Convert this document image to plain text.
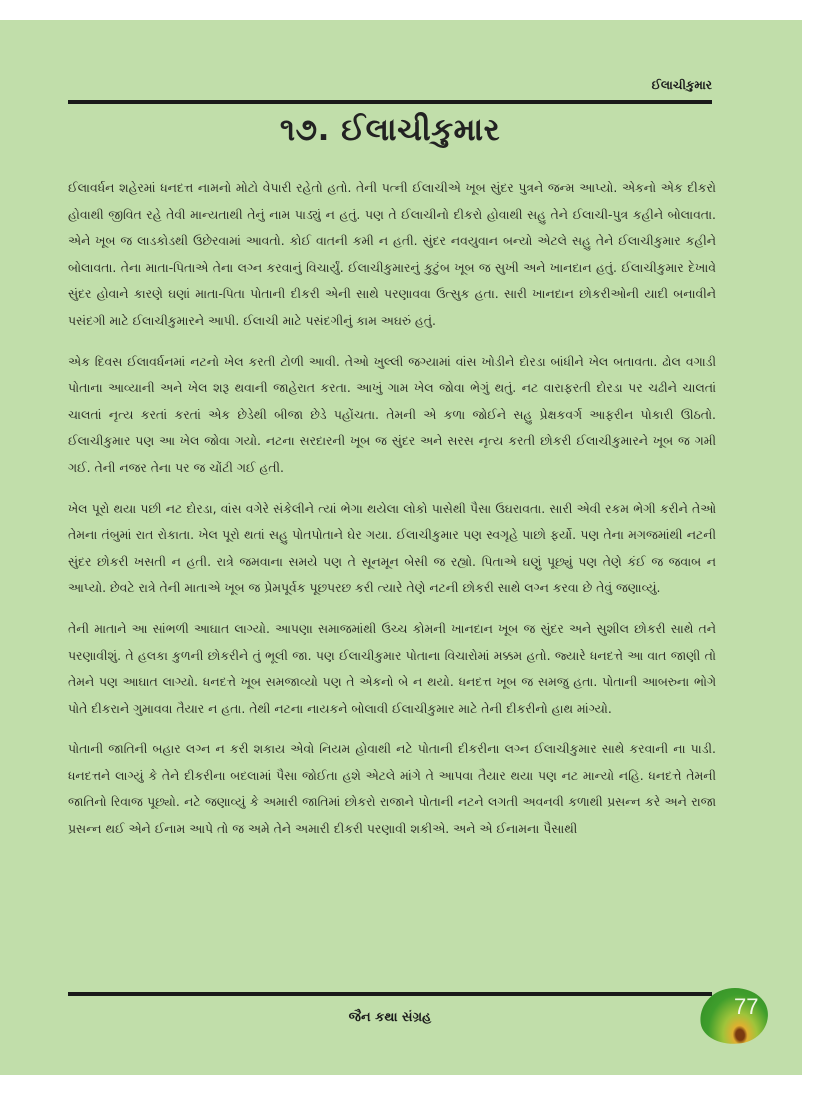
ઈલાચીકુમાર
૧૭. ઈલાચીકુમાર

ઈલાવર્ધન શહેરમાં ધનદત્ત નામનો મોટો વેપારી રહેતો હતો. તેની પત્ની ઈલાચીએ ખૂબ સુંદર પુત્રને જન્મ આપ્યો. એકનો એક દીકરો હોવાથી જીવિત રહે તેવી માન્યતાથી તેનું નામ પાડ્યું ન હતું. પણ તે ઈલાચીનો દીકરો હોવાથી સહુ તેને ઈલાચી-પુત્ર કહીને બોલાવતા. એને ખૂબ જ લાડકોડથી ઉછેરવામાં આવતો. કોઈ વાતની કમી ન હતી. સુંદર નવયુવાન બન્યો એટલે સહુ તેને ઈલાચીકુમાર કહીને બોલાવતા. તેના માતા-પિતાએ તેના લગ્ન કરવાનું વિચાર્યું. ઈલાચીકુમારનું કુટુંબ ખૂબ જ સુખી અને ખાનદાન હતું. ઈલાચીકુમાર દેખાવે સુંદર હોવાને કારણે ઘણાં માતા-પિતા પોતાની દીકરી એની સાથે પરણાવવા ઉત્સુક હતા. સારી ખાનદાન છોકરીઓની યાદી બનાવીને પસંદગી માટે ઈલાચીકુમારને આપી. ઈલાચી માટે પસંદગીનું કામ અઘરું હતું.

એક દિવસ ઈલાવર્ધનમાં નટનો ખેલ કરતી ટોળી આવી. તેઓ ખુલ્લી જગ્યામાં વાંસ ખોડીને દોરડા બાંધીને ખેલ બતાવતા. ઢોલ વગાડી પોતાના આવ્યાની અને ખેલ શરૂ થવાની જાહેરાત કરતા. આખું ગામ ખેલ જોવા ભેગું થતું. નટ વારાફરતી દોરડા પર ચઢીને ચાલતાં ચાલતાં નૃત્ય કરતાં કરતાં એક છેડેથી બીજા છેડે પહોંચતા. તેમની એ કળા જોઈને સહુ પ્રેક્ષકવર્ગ આફરીન પોકારી ઊઠતો. ઈલાચીકુમાર પણ આ ખેલ જોવા ગયો. નટના સરદારની ખૂબ જ સુંદર અને સરસ નૃત્ય કરતી છોકરી ઈલાચીકુમારને ખૂબ જ ગમી ગઈ. તેની નજર તેના પર જ ચોંટી ગઈ હતી.

ખેલ પૂરો થયા પછી નટ દોરડા, વાંસ વગેરે સંકેલીને ત્યાં ભેગા થયેલા લોકો પાસેથી પૈસા ઉઘરાવતા. સારી એવી રકમ ભેગી કરીને તેઓ તેમના તંબુમાં રાત રોકાતા. ખેલ પૂરો થતાં સહુ પોતપોતાને ઘેર ગયા. ઈલાચીકુમાર પણ સ્વગૃહે પાછો ફર્યો. પણ તેના મગજમાંથી નટની સુંદર છોકરી ખસતી ન હતી. રાત્રે જમવાના સમયે પણ તે સૂનમૂન બેસી જ રહ્યો. પિતાએ ઘણું પૂછ્યું પણ તેણે કંઈ જ જવાબ ન આપ્યો. છેવટે રાત્રે તેની માતાએ ખૂબ જ પ્રેમપૂર્વક પૂછપરછ કરી ત્યારે તેણે નટની છોકરી સાથે લગ્ન કરવા છે તેવું જણાવ્યું.

તેની માતાને આ સાંભળી આઘાત લાગ્યો. આપણા સમાજમાંથી ઉચ્ચ કોમની ખાનદાન ખૂબ જ સુંદર અને સુશીલ છોકરી સાથે તને પરણાવીશું. તે હલકા કુળની છોકરીને તું ભૂલી જા. પણ ઈલાચીકુમાર પોતાના વિચારોમાં મક્કમ હતો. જ્યારે ધનદત્તે આ વાત જાણી તો તેમને પણ આઘાત લાગ્યો. ધનદત્તે ખૂબ સમજાવ્યો પણ તે એકનો બે ન થયો. ધનદત્ત ખૂબ જ સમજુ હતા. પોતાની આબરુના ભોગે પોતે દીકરાને ગુમાવવા તૈયાર ન હતા. તેથી નટના નાયકને બોલાવી ઈલાચીકુમાર માટે તેની દીકરીનો હાથ માંગ્યો.

પોતાની જાતિની બહાર લગ્ન ન કરી શકાય એવો નિયમ હોવાથી નટે પોતાની દીકરીના લગ્ન ઈલાચીકુમાર સાથે કરવાની ના પાડી. ધનદત્તને લાગ્યું કે તેને દીકરીના બદલામાં પૈસા જોઈતા હશે એટલે માંગે તે આપવા તૈયાર થયા પણ નટ માન્યો નહિ. ધનદત્તે તેમની જાતિનો રિવાજ પૂછ્યો. નટે જણાવ્યું કે અમારી જાતિમાં છોકરો રાજાને પોતાની નટને લગતી અવનવી કળાથી પ્રસન્ન કરે અને રાજા પ્રસન્ન થઈ એને ઈનામ આપે તો જ અમે તેને અમારી દીકરી પરણાવી શકીએ. અને એ ઈનામના પૈસાથી

જૈન કથા સંગ્રહ	77
